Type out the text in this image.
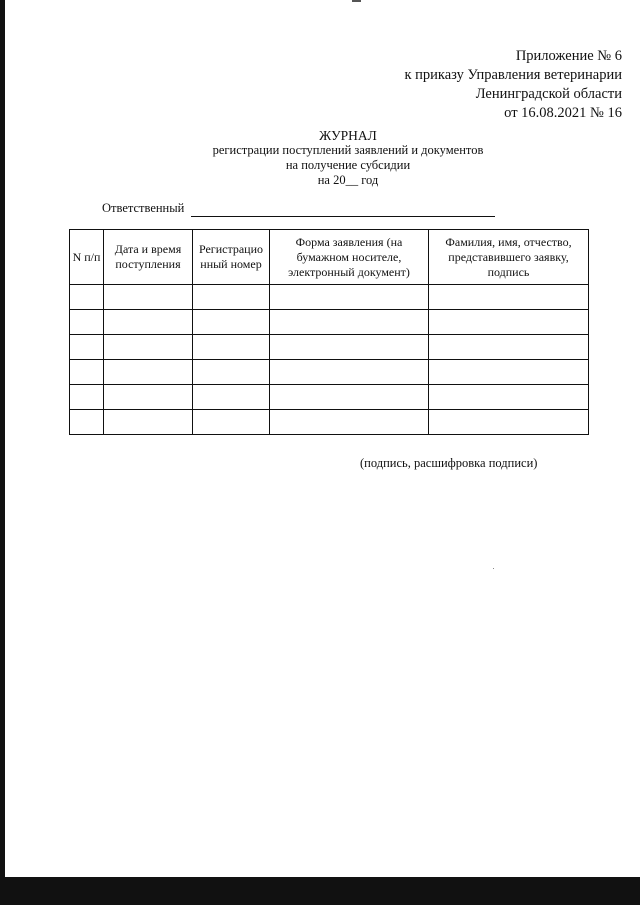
Приложение № 6
к приказу Управления ветеринарии
Ленинградской области
от 16.08.2021 № 16
ЖУРНАЛ
регистрации поступлений заявлений и документов
на получение субсидии
на 20__ год
Ответственный
N п/п	Дата и время поступления	Регистрацио нный номер	Форма заявления (на бумажном носителе, электронный документ)	Фамилия, имя, отчество, представившего заявку, подпись

(подпись, расшифровка подписи)
